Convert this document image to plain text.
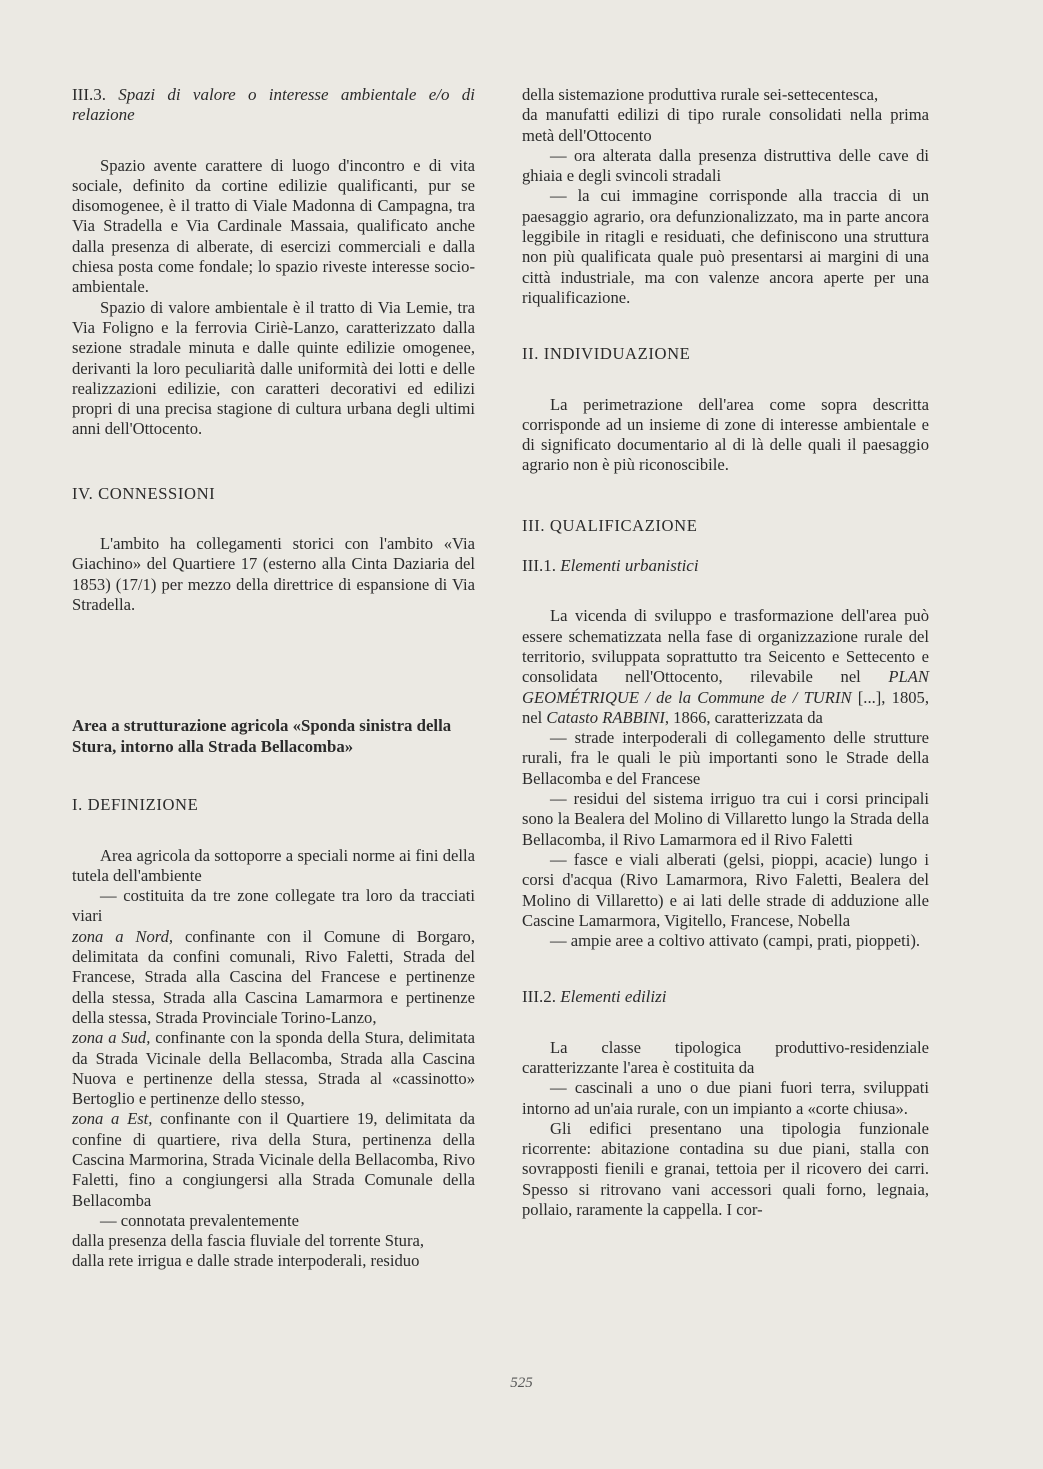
III.3. Spazi di valore o interesse ambientale e/o di relazione

Spazio avente carattere di luogo d'incontro e di vita sociale, definito da cortine edilizie qualificanti, pur se disomogenee, è il tratto di Viale Madonna di Campagna, tra Via Stradella e Via Cardinale Massaia, qualificato anche dalla presenza di alberate, di esercizi commerciali e dalla chiesa posta come fondale; lo spazio riveste interesse socio-ambientale.

Spazio di valore ambientale è il tratto di Via Lemie, tra Via Foligno e la ferrovia Ciriè-Lanzo, caratterizzato dalla sezione stradale minuta e dalle quinte edilizie omogenee, derivanti la loro peculiarità dalle uniformità dei lotti e delle realizzazioni edilizie, con caratteri decorativi ed edilizi propri di una precisa stagione di cultura urbana degli ultimi anni dell'Ottocento.

IV. CONNESSIONI

L'ambito ha collegamenti storici con l'ambito «Via Giachino» del Quartiere 17 (esterno alla Cinta Daziaria del 1853) (17/1) per mezzo della direttrice di espansione di Via Stradella.

Area a strutturazione agricola «Sponda sinistra della Stura, intorno alla Strada Bellacomba»

I. DEFINIZIONE

Area agricola da sottoporre a speciali norme ai fini della tutela dell'ambiente

— costituita da tre zone collegate tra loro da tracciati viari

zona a Nord, confinante con il Comune di Borgaro, delimitata da confini comunali, Rivo Faletti, Strada del Francese, Strada alla Cascina del Francese e pertinenze della stessa, Strada alla Cascina Lamarmora e pertinenze della stessa, Strada Provinciale Torino-Lanzo,

zona a Sud, confinante con la sponda della Stura, delimitata da Strada Vicinale della Bellacomba, Strada alla Cascina Nuova e pertinenze della stessa, Strada al «cassinotto» Bertoglio e pertinenze dello stesso,

zona a Est, confinante con il Quartiere 19, delimitata da confine di quartiere, riva della Stura, pertinenza della Cascina Marmorina, Strada Vicinale della Bellacomba, Rivo Faletti, fino a congiungersi alla Strada Comunale della Bellacomba

— connotata prevalentemente

dalla presenza della fascia fluviale del torrente Stura,

dalla rete irrigua e dalle strade interpoderali, residuo

della sistemazione produttiva rurale sei-settecentesca,

da manufatti edilizi di tipo rurale consolidati nella prima metà dell'Ottocento

— ora alterata dalla presenza distruttiva delle cave di ghiaia e degli svincoli stradali

— la cui immagine corrisponde alla traccia di un paesaggio agrario, ora defunzionalizzato, ma in parte ancora leggibile in ritagli e residuati, che definiscono una struttura non più qualificata quale può presentarsi ai margini di una città industriale, ma con valenze ancora aperte per una riqualificazione.

II. INDIVIDUAZIONE

La perimetrazione dell'area come sopra descritta corrisponde ad un insieme di zone di interesse ambientale e di significato documentario al di là delle quali il paesaggio agrario non è più riconoscibile.

III. QUALIFICAZIONE

III.1. Elementi urbanistici

La vicenda di sviluppo e trasformazione dell'area può essere schematizzata nella fase di organizzazione rurale del territorio, sviluppata soprattutto tra Seicento e Settecento e consolidata nell'Ottocento, rilevabile nel PLAN GEOMÉTRIQUE / de la Commune de / TURIN [...], 1805, nel Catasto RABBINI, 1866, caratterizzata da

— strade interpoderali di collegamento delle strutture rurali, fra le quali le più importanti sono le Strade della Bellacomba e del Francese

— residui del sistema irriguo tra cui i corsi principali sono la Bealera del Molino di Villaretto lungo la Strada della Bellacomba, il Rivo Lamarmora ed il Rivo Faletti

— fasce e viali alberati (gelsi, pioppi, acacie) lungo i corsi d'acqua (Rivo Lamarmora, Rivo Faletti, Bealera del Molino di Villaretto) e ai lati delle strade di adduzione alle Cascine Lamarmora, Vigitello, Francese, Nobella

— ampie aree a coltivo attivato (campi, prati, pioppeti).

III.2. Elementi edilizi

La classe tipologica produttivo-residenziale caratterizzante l'area è costituita da

— cascinali a uno o due piani fuori terra, sviluppati intorno ad un'aia rurale, con un impianto a «corte chiusa».

Gli edifici presentano una tipologia funzionale ricorrente: abitazione contadina su due piani, stalla con sovrapposti fienili e granai, tettoia per il ricovero dei carri. Spesso si ritrovano vani accessori quali forno, legnaia, pollaio, raramente la cappella. I cor-

525
